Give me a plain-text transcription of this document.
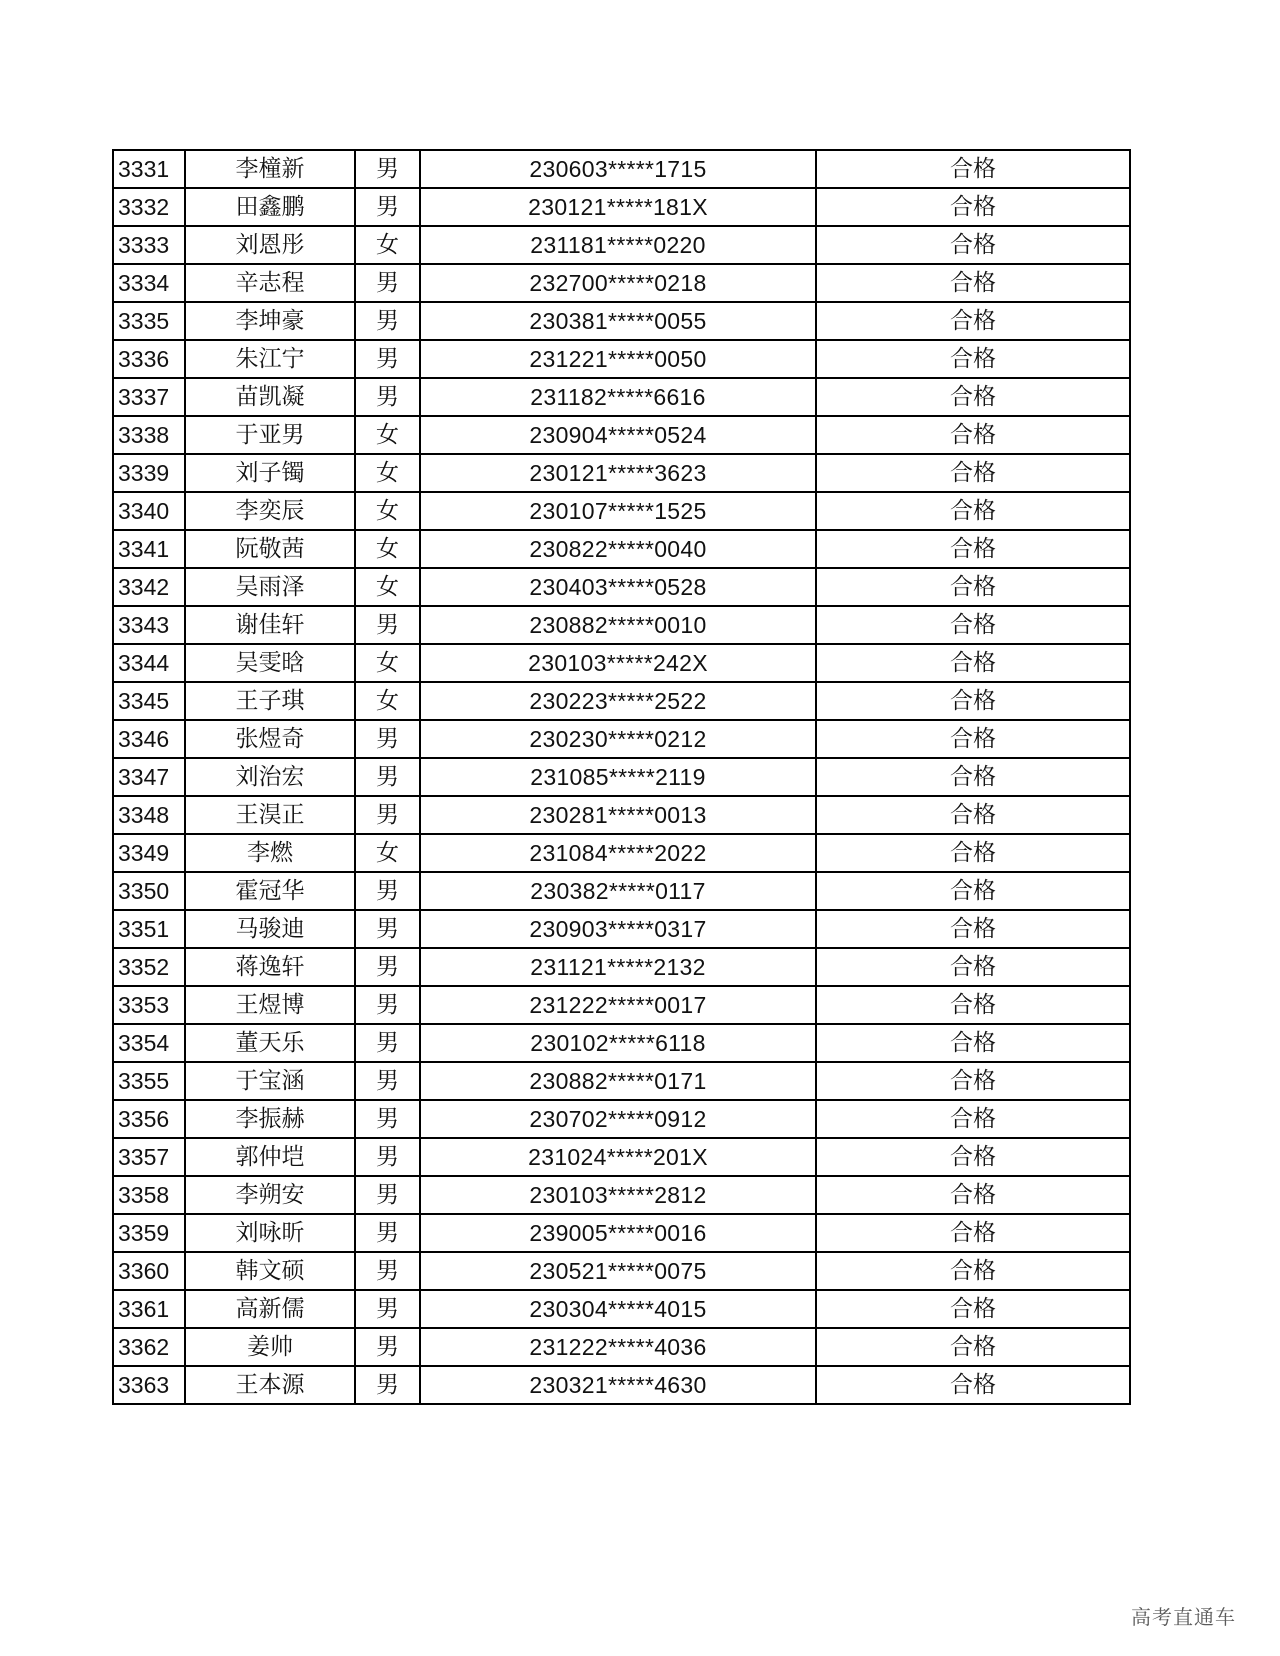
3331	李橦新	男	230603*****1715	合格
3332	田鑫鹏	男	230121*****181X	合格
3333	刘恩彤	女	231181*****0220	合格
3334	辛志程	男	232700*****0218	合格
3335	李坤豪	男	230381*****0055	合格
3336	朱江宁	男	231221*****0050	合格
3337	苗凯凝	男	231182*****6616	合格
3338	于亚男	女	230904*****0524	合格
3339	刘子镯	女	230121*****3623	合格
3340	李奕辰	女	230107*****1525	合格
3341	阮敬茜	女	230822*****0040	合格
3342	吴雨泽	女	230403*****0528	合格
3343	谢佳轩	男	230882*****0010	合格
3344	吴雯晗	女	230103*****242X	合格
3345	王子琪	女	230223*****2522	合格
3346	张煜奇	男	230230*****0212	合格
3347	刘治宏	男	231085*****2119	合格
3348	王淏正	男	230281*****0013	合格
3349	李燃	女	231084*****2022	合格
3350	霍冠华	男	230382*****0117	合格
3351	马骏迪	男	230903*****0317	合格
3352	蒋逸轩	男	231121*****2132	合格
3353	王煜博	男	231222*****0017	合格
3354	董天乐	男	230102*****6118	合格
3355	于宝涵	男	230882*****0171	合格
3356	李振赫	男	230702*****0912	合格
3357	郭仲垲	男	231024*****201X	合格
3358	李朔安	男	230103*****2812	合格
3359	刘咏昕	男	239005*****0016	合格
3360	韩文硕	男	230521*****0075	合格
3361	高新儒	男	230304*****4015	合格
3362	姜帅	男	231222*****4036	合格
3363	王本源	男	230321*****4630	合格
高考直通车
